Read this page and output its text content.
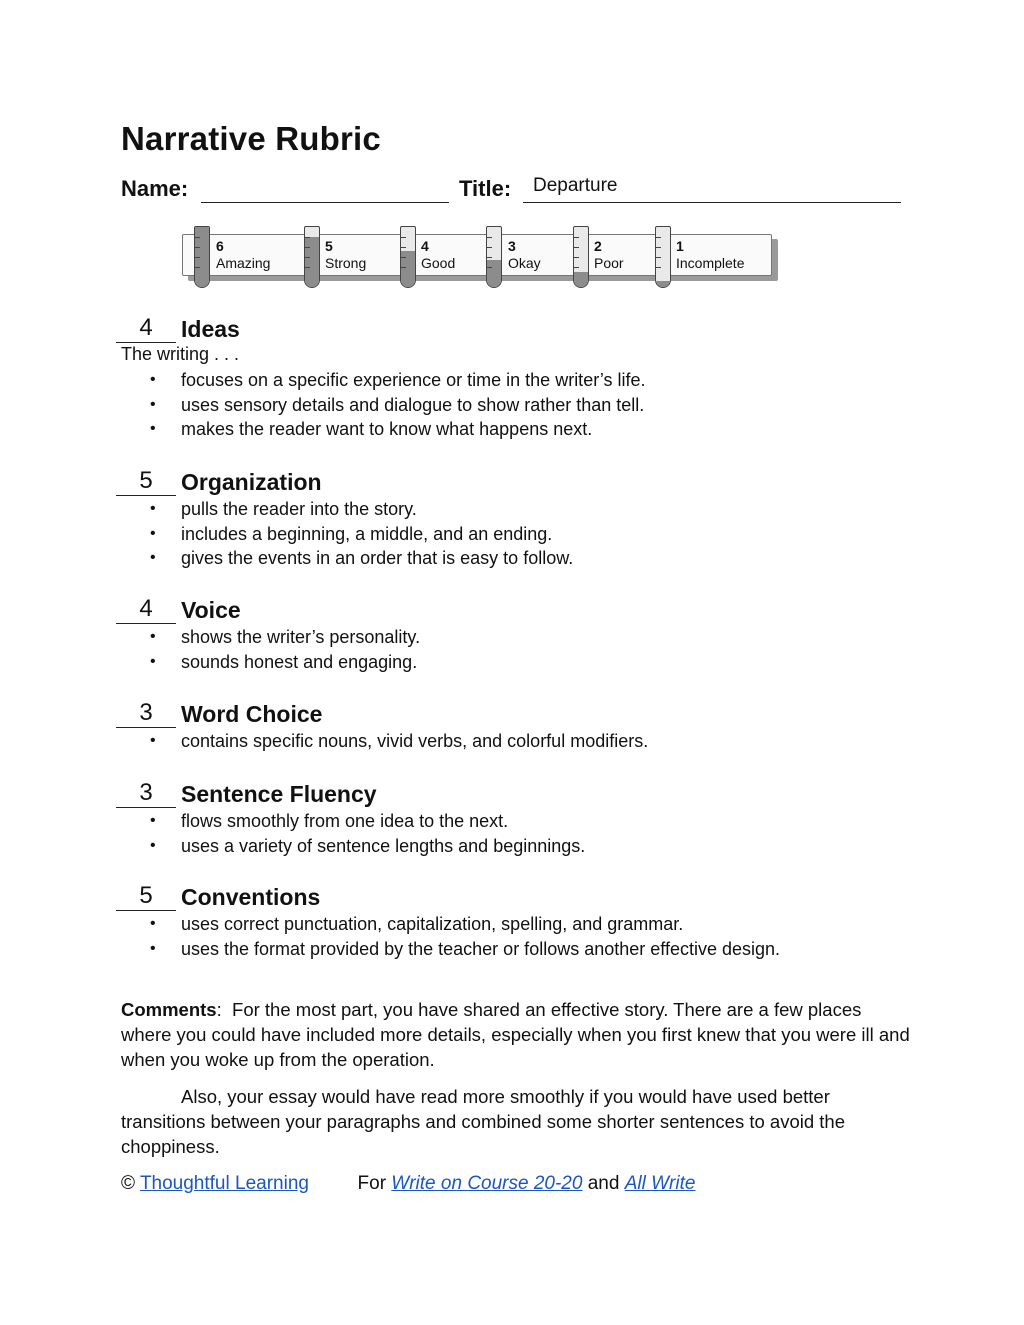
Narrative Rubric
Name:	Title: Departure
6
Amazing
5
Strong
4
Good
3
Okay
2
Poor
1
Incomplete
4	Ideas
The writing . . .
• focuses on a specific experience or time in the writer’s life.
• uses sensory details and dialogue to show rather than tell.
• makes the reader want to know what happens next.
5	Organization
• pulls the reader into the story.
• includes a beginning, a middle, and an ending.
• gives the events in an order that is easy to follow.
4	Voice
• shows the writer’s personality.
• sounds honest and engaging.
3	Word Choice
• contains specific nouns, vivid verbs, and colorful modifiers.
3	Sentence Fluency
• flows smoothly from one idea to the next.
• uses a variety of sentence lengths and beginnings.
5	Conventions
• uses correct punctuation, capitalization, spelling, and grammar.
• uses the format provided by the teacher or follows another effective design.

Comments:  For the most part, you have shared an effective story. There are a few places where you could have included more details, especially when you first knew that you were ill and when you woke up from the operation.

Also, your essay would have read more smoothly if you would have used better transitions between your paragraphs and combined some shorter sentences to avoid the choppiness.

© Thoughtful Learning	For Write on Course 20-20 and All Write
